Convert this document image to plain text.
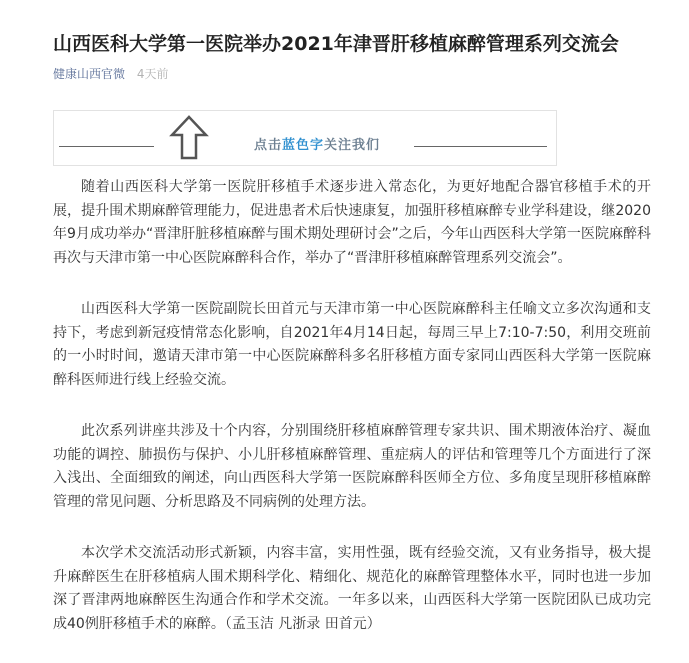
山西医科大学第一医院举办2021年津晋肝移植麻醉管理系列交流会
健康山西官微 4天前
点击蓝色字关注我们

随着山西医科大学第一医院肝移植手术逐步进入常态化，为更好地配合器官移植手术的开展，提升围术期麻醉管理能力，促进患者术后快速康复，加强肝移植麻醉专业学科建设，继2020年9月成功举办“晋津肝脏移植麻醉与围术期处理研讨会”之后，今年山西医科大学第一医院麻醉科再次与天津市第一中心医院麻醉科合作，举办了“晋津肝移植麻醉管理系列交流会”。

山西医科大学第一医院副院长田首元与天津市第一中心医院麻醉科主任喻文立多次沟通和支持下，考虑到新冠疫情常态化影响，自2021年4月14日起，每周三早上7:10-7:50，利用交班前的一小时时间，邀请天津市第一中心医院麻醉科多名肝移植方面专家同山西医科大学第一医院麻醉科医师进行线上经验交流。

此次系列讲座共涉及十个内容，分别围绕肝移植麻醉管理专家共识、围术期液体治疗、凝血功能的调控、肺损伤与保护、小儿肝移植麻醉管理、重症病人的评估和管理等几个方面进行了深入浅出、全面细致的阐述，向山西医科大学第一医院麻醉科医师全方位、多角度呈现肝移植麻醉管理的常见问题、分析思路及不同病例的处理方法。

本次学术交流活动形式新颖，内容丰富，实用性强，既有经验交流，又有业务指导，极大提升麻醉医生在肝移植病人围术期科学化、精细化、规范化的麻醉管理整体水平，同时也进一步加深了晋津两地麻醉医生沟通合作和学术交流。一年多以来，山西医科大学第一医院团队已成功完成40例肝移植手术的麻醉。（孟玉洁 凡浙录 田首元）
